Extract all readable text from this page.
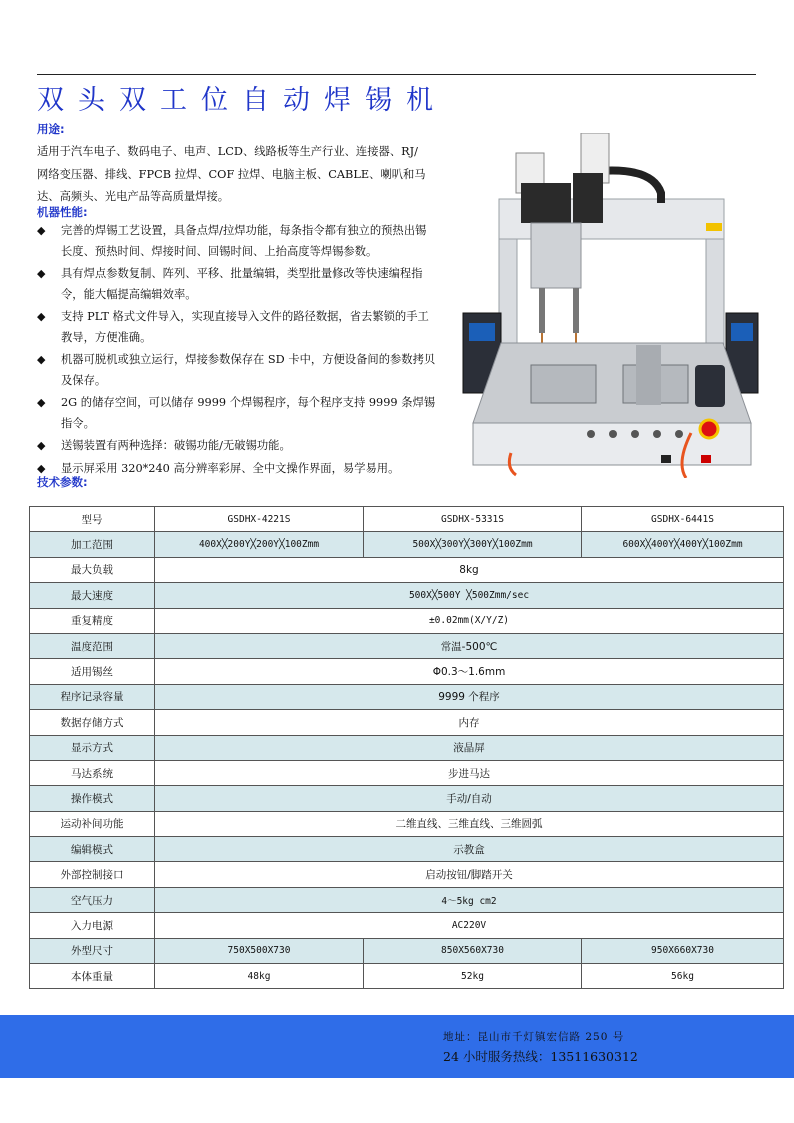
双头双工位自动焊锡机
用途:
适用于汽车电子、数码电子、电声、LCD、线路板等生产行业、连接器、RJ/网络变压器、排线、FPCB 拉焊、COF 拉焊、电脑主板、CABLE、喇叭和马达、高频头、光电产品等高质量焊接。
机器性能:
◆ 完善的焊锡工艺设置，具备点焊/拉焊功能，每条指令都有独立的预热出锡长度、预热时间、焊接时间、回锡时间、上抬高度等焊锡参数。
◆ 具有焊点参数复制、阵列、平移、批量编辑，类型批量修改等快速编程指令，能大幅提高编辑效率。
◆ 支持 PLT 格式文件导入，实现直接导入文件的路径数据，省去繁锁的手工教导，方便准确。
◆ 机器可脱机或独立运行，焊接参数保存在 SD 卡中，方便设备间的参数拷贝及保存。
◆ 2G 的储存空间，可以储存 9999 个焊锡程序，每个程序支持 9999 条焊锡指令。
◆ 送锡装置有两种选择：破锡功能/无破锡功能。
◆ 显示屏采用 320*240 高分辨率彩屏、全中文操作界面，易学易用。
技术参数:
型号	GSDHX-4221S	GSDHX-5331S	GSDHX-6441S
加工范围	400X╳200Y╳200Y╳100Zmm	500X╳300Y╳300Y╳100Zmm	600X╳400Y╳400Y╳100Zmm
最大负载	8kg		
最大速度	500X╳500Y ╳500Zmm/sec		
重复精度	±0.02mm(X/Y/Z)		
温度范围	常温-500℃		
适用锡丝	Φ0.3～1.6mm		
程序记录容量	9999 个程序		
数据存储方式	内存		
显示方式	液晶屏		
马达系统	步进马达		
操作模式	手动/自动		
运动补间功能	二维直线、三维直线、三维圆弧		
编辑模式	示教盒		
外部控制接口	启动按钮/脚踏开关		
空气压力	4～5kg cm2		
入力电源	AC220V		
外型尺寸	750X500X730	850X560X730	950X660X730
本体重量	48kg	52kg	56kg
地址：昆山市千灯镇宏信路 250 号
24 小时服务热线：13511630312
